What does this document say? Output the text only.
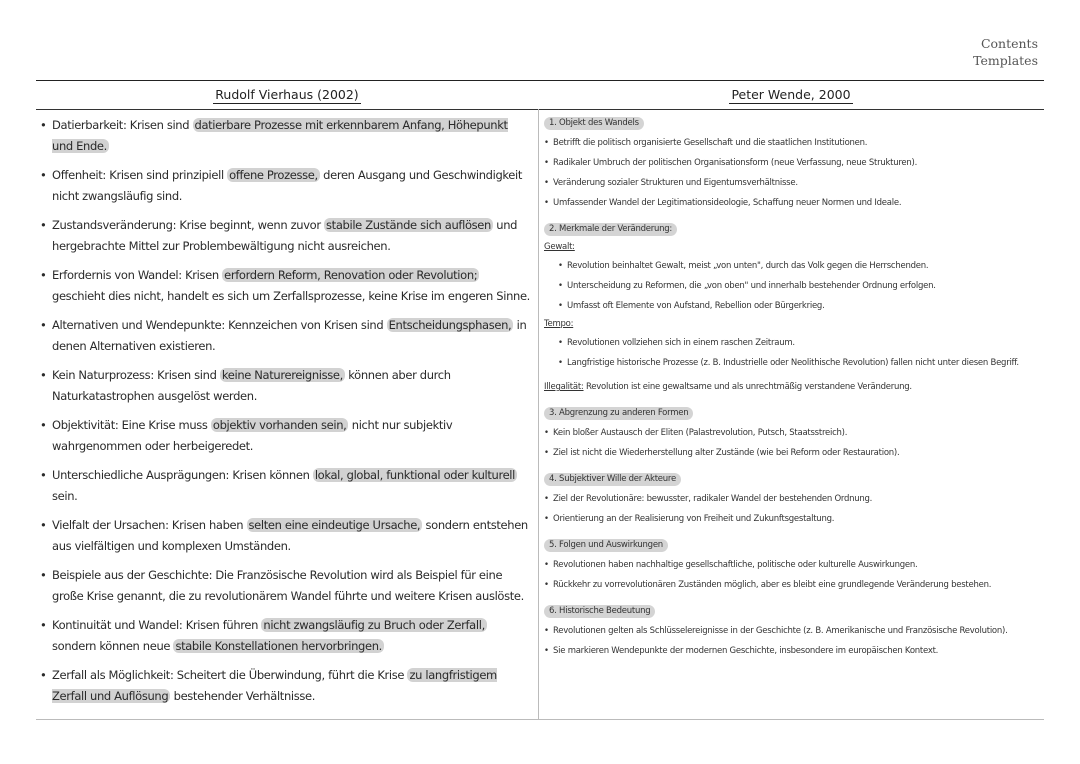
Contents
Templates
Rudolf Vierhaus (2002)	Peter Wende, 2000
• Datierbarkeit: Krisen sind datierbare Prozesse mit erkennbarem Anfang, Höhepunkt und Ende.
• Offenheit: Krisen sind prinzipiell offene Prozesse, deren Ausgang und Geschwindigkeit nicht zwangsläufig sind.
• Zustandsveränderung: Krise beginnt, wenn zuvor stabile Zustände sich auflösen und hergebrachte Mittel zur Problembewältigung nicht ausreichen.
• Erfordernis von Wandel: Krisen erfordern Reform, Renovation oder Revolution; geschieht dies nicht, handelt es sich um Zerfallsprozesse, keine Krise im engeren Sinne.
• Alternativen und Wendepunkte: Kennzeichen von Krisen sind Entscheidungsphasen, in denen Alternativen existieren.
• Kein Naturprozess: Krisen sind keine Naturereignisse, können aber durch Naturkatastrophen ausgelöst werden.
• Objektivität: Eine Krise muss objektiv vorhanden sein, nicht nur subjektiv wahrgenommen oder herbeigeredet.
• Unterschiedliche Ausprägungen: Krisen können lokal, global, funktional oder kulturell sein.
• Vielfalt der Ursachen: Krisen haben selten eine eindeutige Ursache, sondern entstehen aus vielfältigen und komplexen Umständen.
• Beispiele aus der Geschichte: Die Französische Revolution wird als Beispiel für eine große Krise genannt, die zu revolutionärem Wandel führte und weitere Krisen auslöste.
• Kontinuität und Wandel: Krisen führen nicht zwangsläufig zu Bruch oder Zerfall, sondern können neue stabile Konstellationen hervorbringen.
• Zerfall als Möglichkeit: Scheitert die Überwindung, führt die Krise zu langfristigem Zerfall und Auflösung bestehender Verhältnisse.
1. Objekt des Wandels
• Betrifft die politisch organisierte Gesellschaft und die staatlichen Institutionen.
• Radikaler Umbruch der politischen Organisationsform (neue Verfassung, neue Strukturen).
• Veränderung sozialer Strukturen und Eigentumsverhältnisse.
• Umfassender Wandel der Legitimationsideologie, Schaffung neuer Normen und Ideale.
2. Merkmale der Veränderung:
Gewalt:
• Revolution beinhaltet Gewalt, meist „von unten", durch das Volk gegen die Herrschenden.
• Unterscheidung zu Reformen, die „von oben" und innerhalb bestehender Ordnung erfolgen.
• Umfasst oft Elemente von Aufstand, Rebellion oder Bürgerkrieg.
Tempo:
• Revolutionen vollziehen sich in einem raschen Zeitraum.
• Langfristige historische Prozesse (z. B. Industrielle oder Neolithische Revolution) fallen nicht unter diesen Begriff.
Illegalität: Revolution ist eine gewaltsame und als unrechtmäßig verstandene Veränderung.
3. Abgrenzung zu anderen Formen
• Kein bloßer Austausch der Eliten (Palastrevolution, Putsch, Staatsstreich).
• Ziel ist nicht die Wiederherstellung alter Zustände (wie bei Reform oder Restauration).
4. Subjektiver Wille der Akteure
• Ziel der Revolutionäre: bewusster, radikaler Wandel der bestehenden Ordnung.
• Orientierung an der Realisierung von Freiheit und Zukunftsgestaltung.
5. Folgen und Auswirkungen
• Revolutionen haben nachhaltige gesellschaftliche, politische oder kulturelle Auswirkungen.
• Rückkehr zu vorrevolutionären Zuständen möglich, aber es bleibt eine grundlegende Veränderung bestehen.
6. Historische Bedeutung
• Revolutionen gelten als Schlüsselereignisse in der Geschichte (z. B. Amerikanische und Französische Revolution).
• Sie markieren Wendepunkte der modernen Geschichte, insbesondere im europäischen Kontext.
